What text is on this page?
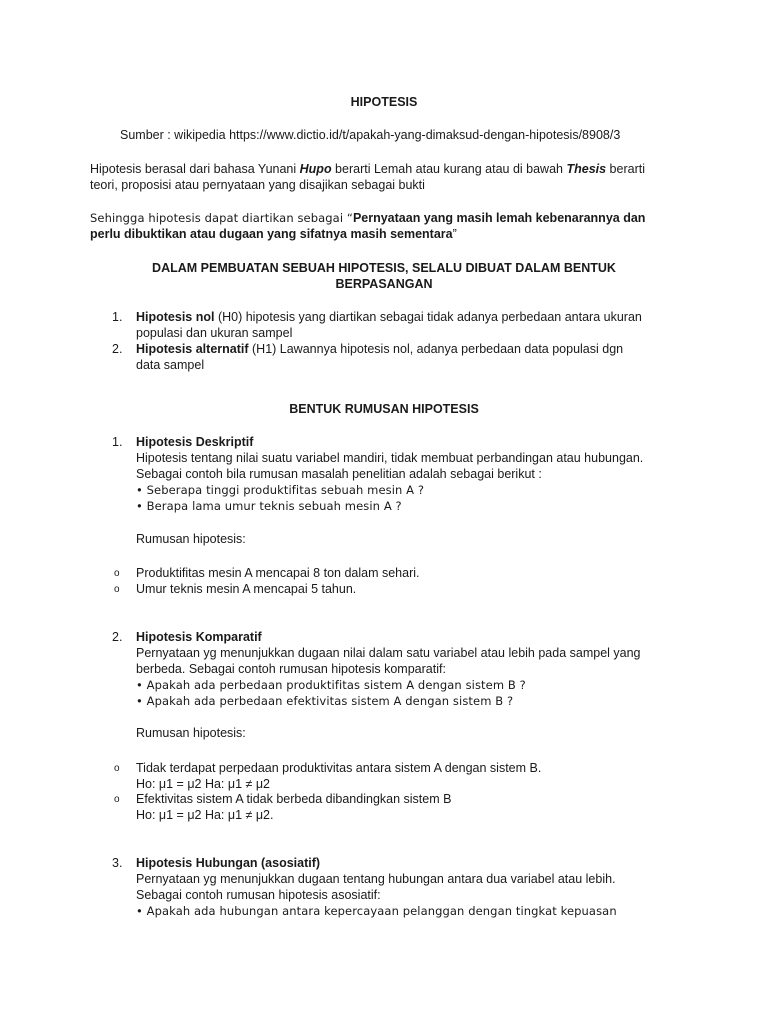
HIPOTESIS
Sumber : wikipedia https://www.dictio.id/t/apakah-yang-dimaksud-dengan-hipotesis/8908/3
Hipotesis berasal dari bahasa Yunani Hupo berarti Lemah atau kurang atau di bawah Thesis berarti
teori, proposisi atau pernyataan yang disajikan sebagai bukti
Sehingga hipotesis dapat diartikan sebagai “Pernyataan yang masih lemah kebenarannya dan
perlu dibuktikan atau dugaan yang sifatnya masih sementara”
DALAM PEMBUATAN SEBUAH HIPOTESIS, SELALU DIBUAT DALAM BENTUK
BERPASANGAN
1.	Hipotesis nol (H0) hipotesis yang diartikan sebagai tidak adanya perbedaan antara ukuran
populasi dan ukuran sampel
2.	Hipotesis alternatif (H1) Lawannya hipotesis nol, adanya perbedaan data populasi dgn
data sampel
BENTUK RUMUSAN HIPOTESIS
1.	Hipotesis Deskriptif
Hipotesis tentang nilai suatu variabel mandiri, tidak membuat perbandingan atau hubungan.
Sebagai contoh bila rumusan masalah penelitian adalah sebagai berikut :
• Seberapa tinggi produktifitas sebuah mesin A ?
• Berapa lama umur teknis sebuah mesin A ?
Rumusan hipotesis:
o Produktifitas mesin A mencapai 8 ton dalam sehari.
o Umur teknis mesin A mencapai 5 tahun.
2.	Hipotesis Komparatif
Pernyataan yg menunjukkan dugaan nilai dalam satu variabel atau lebih pada sampel yang
berbeda. Sebagai contoh rumusan hipotesis komparatif:
• Apakah ada perbedaan produktifitas sistem A dengan sistem B ?
• Apakah ada perbedaan efektivitas sistem A dengan sistem B ?
Rumusan hipotesis:
o Tidak terdapat perpedaan produktivitas antara sistem A dengan sistem B.
Ho: μ1 = μ2 Ha: μ1 ≠ μ2
o Efektivitas sistem A tidak berbeda dibandingkan sistem B
Ho: μ1 = μ2 Ha: μ1 ≠ μ2.
3.	Hipotesis Hubungan (asosiatif)
Pernyataan yg menunjukkan dugaan tentang hubungan antara dua variabel atau lebih.
Sebagai contoh rumusan hipotesis asosiatif:
• Apakah ada hubungan antara kepercayaan pelanggan dengan tingkat kepuasan
